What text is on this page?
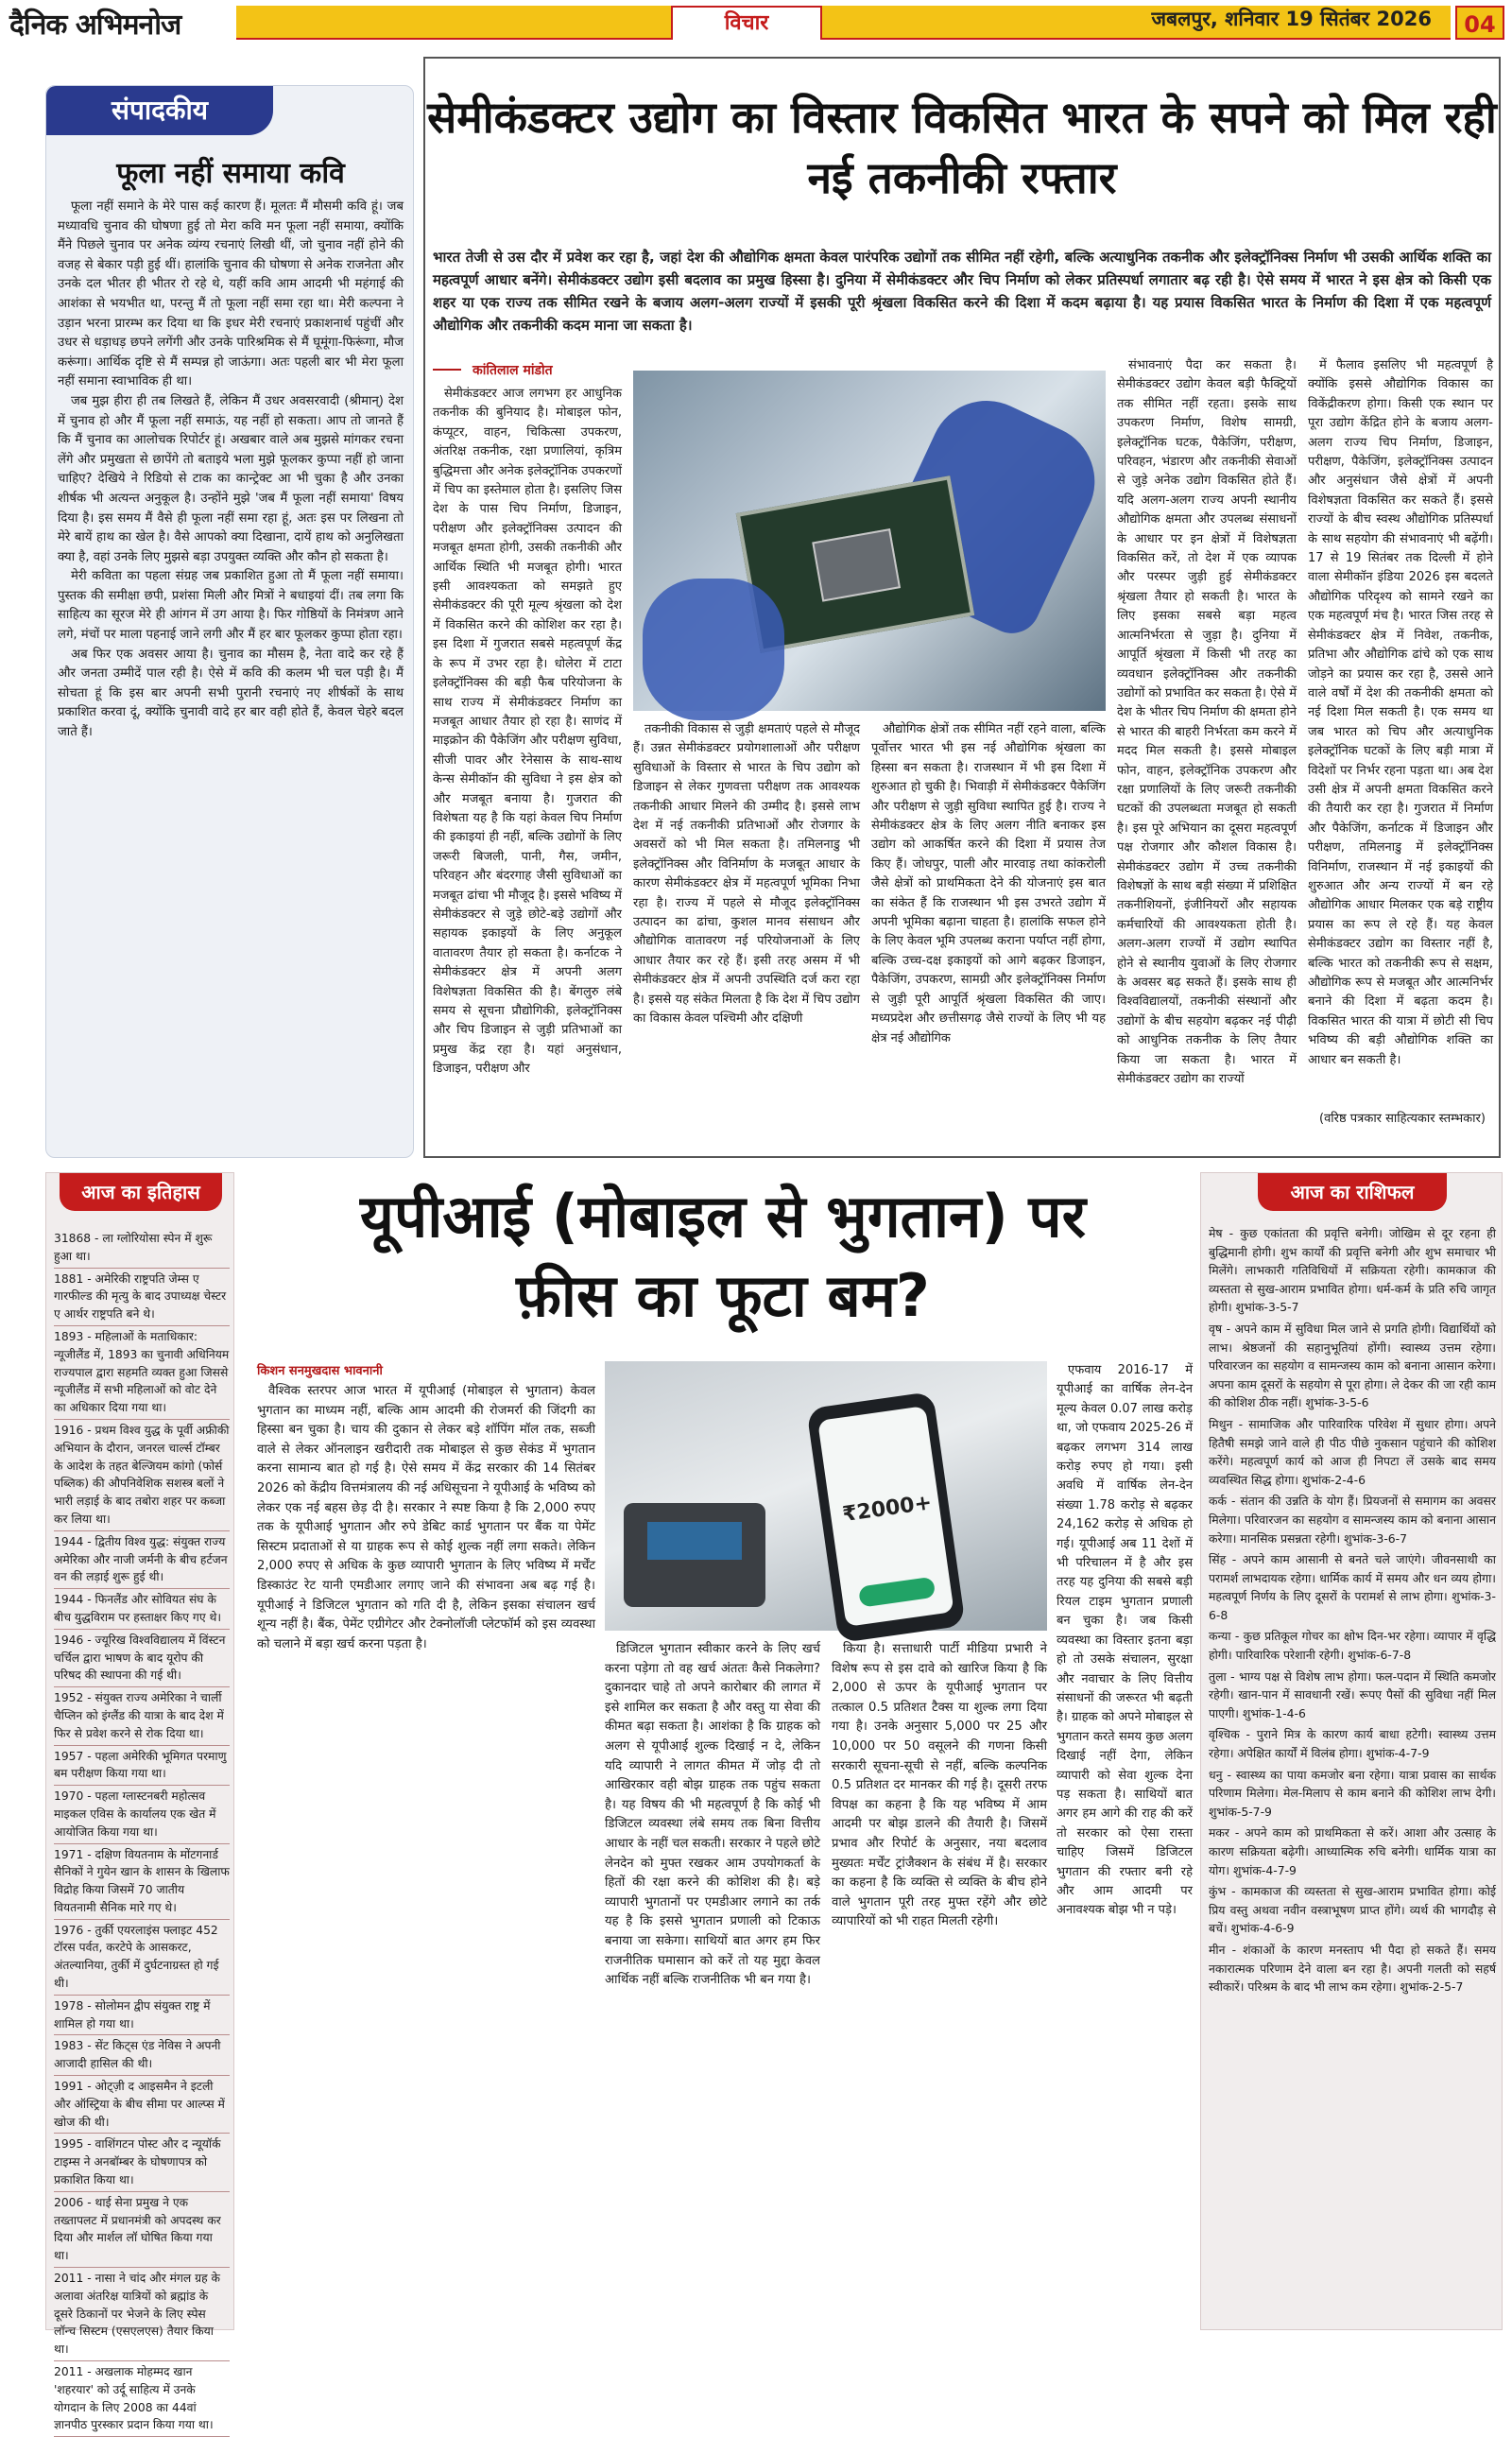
दैनिक अभिमनोज	विचार	जबलपुर, शनिवार 19 सितंबर 2026	04
संपादकीय
फूला नहीं समाया कवि

फूला नहीं समाने के मेरे पास कई कारण हैं। मूलतः मैं मौसमी कवि हूं। जब मध्यावधि चुनाव की घोषणा हुई तो मेरा कवि मन फूला नहीं समाया, क्योंकि मैंने पिछले चुनाव पर अनेक व्यंग्य रचनाएं लिखी थीं, जो चुनाव नहीं होने की वजह से बेकार पड़ी हुई थीं। हालांकि चुनाव की घोषणा से अनेक राजनेता और उनके दल भीतर ही भीतर रो रहे थे, यहीं कवि आम आदमी भी महंगाई की आशंका से भयभीत था, परन्तु मैं तो फूला नहीं समा रहा था। मेरी कल्पना ने उड़ान भरना प्रारम्भ कर दिया था कि इधर मेरी रचनाएं प्रकाशनार्थ पहुंचीं और उधर से धड़ाधड़ छपने लगेंगी और उनके पारिश्रमिक से मैं घूमूंगा-फिरूंगा, मौज करूंगा। आर्थिक दृष्टि से मैं सम्पन्न हो जाऊंगा। अतः पहली बार भी मेरा फूला नहीं समाना स्वाभाविक ही था।

जब मुझ हीरा ही तब लिखते हैं, लेकिन मैं उधर अवसरवादी (श्रीमान्) देश में चुनाव हो और मैं फूला नहीं समाऊं, यह नहीं हो सकता। आप तो जानते हैं कि मैं चुनाव का आलोचक रिपोर्टर हूं। अखबार वाले अब मुझसे मांगकर रचना लेंगे और प्रमुखता से छापेंगे तो बताइये भला मुझे फूलकर कुप्पा नहीं हो जाना चाहिए? देखिये ने रिडियो से टाक का कान्ट्रेक्ट आ भी चुका है और उनका शीर्षक भी अत्यन्त अनुकूल है। उन्होंने मुझे 'जब मैं फूला नहीं समाया' विषय दिया है। इस समय मैं वैसे ही फूला नहीं समा रहा हूं, अतः इस पर लिखना तो मेरे बायें हाथ का खेल है। वैसे आपको क्या दिखाना, दायें हाथ को अनुलिखता क्या है, वहां उनके लिए मुझसे बड़ा उपयुक्त व्यक्ति और कौन हो सकता है।

मेरी कविता का पहला संग्रह जब प्रकाशित हुआ तो मैं फूला नहीं समाया। पुस्तक की समीक्षा छपी, प्रशंसा मिली और मित्रों ने बधाइयां दीं। तब लगा कि साहित्य का सूरज मेरे ही आंगन में उग आया है। फिर गोष्ठियों के निमंत्रण आने लगे, मंचों पर माला पहनाई जाने लगी और मैं हर बार फूलकर कुप्पा होता रहा।

अब फिर एक अवसर आया है। चुनाव का मौसम है, नेता वादे कर रहे हैं और जनता उम्मीदें पाल रही है। ऐसे में कवि की कलम भी चल पड़ी है। मैं सोचता हूं कि इस बार अपनी सभी पुरानी रचनाएं नए शीर्षकों के साथ प्रकाशित करवा दूं, क्योंकि चुनावी वादे हर बार वही होते हैं, केवल चेहरे बदल जाते हैं।

सेमीकंडक्टर उद्योग का विस्तार विकसित भारत के सपने को मिल रही नई तकनीकी रफ्तार
भारत तेजी से उस दौर में प्रवेश कर रहा है, जहां देश की औद्योगिक क्षमता केवल पारंपरिक उद्योगों तक सीमित नहीं रहेगी, बल्कि अत्याधुनिक तकनीक और इलेक्ट्रॉनिक्स निर्माण भी उसकी आर्थिक शक्ति का महत्वपूर्ण आधार बनेंगे। सेमीकंडक्टर उद्योग इसी बदलाव का प्रमुख हिस्सा है। दुनिया में सेमीकंडक्टर और चिप निर्माण को लेकर प्रतिस्पर्धा लगातार बढ़ रही है। ऐसे समय में भारत ने इस क्षेत्र को किसी एक शहर या एक राज्य तक सीमित रखने के बजाय अलग-अलग राज्यों में इसकी पूरी श्रृंखला विकसित करने की दिशा में कदम बढ़ाया है। यह प्रयास विकसित भारत के निर्माण की दिशा में एक महत्वपूर्ण औद्योगिक और तकनीकी कदम माना जा सकता है।
कांतिलाल मांडोत

सेमीकंडक्टर आज लगभग हर आधुनिक तकनीक की बुनियाद है। मोबाइल फोन, कंप्यूटर, वाहन, चिकित्सा उपकरण, अंतरिक्ष तकनीक, रक्षा प्रणालियां, कृत्रिम बुद्धिमत्ता और अनेक इलेक्ट्रॉनिक उपकरणों में चिप का इस्तेमाल होता है। इसलिए जिस देश के पास चिप निर्माण, डिजाइन, परीक्षण और इलेक्ट्रॉनिक्स उत्पादन की मजबूत क्षमता होगी, उसकी तकनीकी और आर्थिक स्थिति भी मजबूत होगी। भारत इसी आवश्यकता को समझते हुए सेमीकंडक्टर की पूरी मूल्य श्रृंखला को देश में विकसित करने की कोशिश कर रहा है। इस दिशा में गुजरात सबसे महत्वपूर्ण केंद्र के रूप में उभर रहा है। धोलेरा में टाटा इलेक्ट्रॉनिक्स की बड़ी फैब परियोजना के साथ राज्य में सेमीकंडक्टर निर्माण का मजबूत आधार तैयार हो रहा है। साणंद में माइक्रोन की पैकेजिंग और परीक्षण सुविधा, सीजी पावर और रेनेसास के साथ-साथ केन्स सेमीकॉन की सुविधा ने इस क्षेत्र को और मजबूत बनाया है। गुजरात की विशेषता यह है कि यहां केवल चिप निर्माण की इकाइयां ही नहीं, बल्कि उद्योगों के लिए जरूरी बिजली, पानी, गैस, जमीन, परिवहन और बंदरगाह जैसी सुविधाओं का मजबूत ढांचा भी मौजूद है। इससे भविष्य में सेमीकंडक्टर से जुड़े छोटे-बड़े उद्योगों और सहायक इकाइयों के लिए अनुकूल वातावरण तैयार हो सकता है। कर्नाटक ने सेमीकंडक्टर क्षेत्र में अपनी अलग विशेषज्ञता विकसित की है। बेंगलुरु लंबे समय से सूचना प्रौद्योगिकी, इलेक्ट्रॉनिक्स और चिप डिजाइन से जुड़ी प्रतिभाओं का प्रमुख केंद्र रहा है। यहां अनुसंधान, डिजाइन, परीक्षण और

तकनीकी विकास से जुड़ी क्षमताएं पहले से मौजूद हैं। उन्नत सेमीकंडक्टर प्रयोगशालाओं और परीक्षण सुविधाओं के विस्तार से भारत के चिप उद्योग को डिजाइन से लेकर गुणवत्ता परीक्षण तक आवश्यक तकनीकी आधार मिलने की उम्मीद है। इससे लाभ देश में नई तकनीकी प्रतिभाओं और रोजगार के अवसरों को भी मिल सकता है। तमिलनाडु भी इलेक्ट्रॉनिक्स और विनिर्माण के मजबूत आधार के कारण सेमीकंडक्टर क्षेत्र में महत्वपूर्ण भूमिका निभा रहा है। राज्य में पहले से मौजूद इलेक्ट्रॉनिक्स उत्पादन का ढांचा, कुशल मानव संसाधन और औद्योगिक वातावरण नई परियोजनाओं के लिए आधार तैयार कर रहे हैं। इसी तरह असम में भी सेमीकंडक्टर क्षेत्र में अपनी उपस्थिति दर्ज करा रहा है। इससे यह संकेत मिलता है कि देश में चिप उद्योग का विकास केवल पश्चिमी और दक्षिणी

औद्योगिक क्षेत्रों तक सीमित नहीं रहने वाला, बल्कि पूर्वोत्तर भारत भी इस नई औद्योगिक श्रृंखला का हिस्सा बन सकता है। राजस्थान में भी इस दिशा में शुरुआत हो चुकी है। भिवाड़ी में सेमीकंडक्टर पैकेजिंग और परीक्षण से जुड़ी सुविधा स्थापित हुई है। राज्य ने सेमीकंडक्टर क्षेत्र के लिए अलग नीति बनाकर इस उद्योग को आकर्षित करने की दिशा में प्रयास तेज किए हैं। जोधपुर, पाली और मारवाड़ तथा कांकरोली जैसे क्षेत्रों को प्राथमिकता देने की योजनाएं इस बात का संकेत हैं कि राजस्थान भी इस उभरते उद्योग में अपनी भूमिका बढ़ाना चाहता है। हालांकि सफल होने के लिए केवल भूमि उपलब्ध कराना पर्याप्त नहीं होगा, बल्कि उच्च-दक्ष इकाइयों को आगे बढ़कर डिजाइन, पैकेजिंग, उपकरण, सामग्री और इलेक्ट्रॉनिक्स निर्माण से जुड़ी पूरी आपूर्ति श्रृंखला विकसित की जाए। मध्यप्रदेश और छत्तीसगढ़ जैसे राज्यों के लिए भी यह क्षेत्र नई औद्योगिक

संभावनाएं पैदा कर सकता है। सेमीकंडक्टर उद्योग केवल बड़ी फैक्ट्रियों तक सीमित नहीं रहता। इसके साथ उपकरण निर्माण, विशेष सामग्री, इलेक्ट्रॉनिक घटक, पैकेजिंग, परीक्षण, परिवहन, भंडारण और तकनीकी सेवाओं से जुड़े अनेक उद्योग विकसित होते हैं। यदि अलग-अलग राज्य अपनी स्थानीय औद्योगिक क्षमता और उपलब्ध संसाधनों के आधार पर इन क्षेत्रों में विशेषज्ञता विकसित करें, तो देश में एक व्यापक और परस्पर जुड़ी हुई सेमीकंडक्टर श्रृंखला तैयार हो सकती है। भारत के लिए इसका सबसे बड़ा महत्व आत्मनिर्भरता से जुड़ा है। दुनिया में आपूर्ति श्रृंखला में किसी भी तरह का व्यवधान इलेक्ट्रॉनिक्स और तकनीकी उद्योगों को प्रभावित कर सकता है। ऐसे में देश के भीतर चिप निर्माण की क्षमता होने से भारत की बाहरी निर्भरता कम करने में मदद मिल सकती है। इससे मोबाइल फोन, वाहन, इलेक्ट्रॉनिक उपकरण और रक्षा प्रणालियों के लिए जरूरी तकनीकी घटकों की उपलब्धता मजबूत हो सकती है। इस पूरे अभियान का दूसरा महत्वपूर्ण पक्ष रोजगार और कौशल विकास है। सेमीकंडक्टर उद्योग में उच्च तकनीकी विशेषज्ञों के साथ बड़ी संख्या में प्रशिक्षित तकनीशियनों, इंजीनियरों और सहायक कर्मचारियों की आवश्यकता होती है। अलग-अलग राज्यों में उद्योग स्थापित होने से स्थानीय युवाओं के लिए रोजगार के अवसर बढ़ सकते हैं। इसके साथ ही विश्वविद्यालयों, तकनीकी संस्थानों और उद्योगों के बीच सहयोग बढ़कर नई पीढ़ी को आधुनिक तकनीक के लिए तैयार किया जा सकता है। भारत में सेमीकंडक्टर उद्योग का राज्यों

में फैलाव इसलिए भी महत्वपूर्ण है क्योंकि इससे औद्योगिक विकास का विकेंद्रीकरण होगा। किसी एक स्थान पर पूरा उद्योग केंद्रित होने के बजाय अलग-अलग राज्य चिप निर्माण, डिजाइन, परीक्षण, पैकेजिंग, इलेक्ट्रॉनिक्स उत्पादन और अनुसंधान जैसे क्षेत्रों में अपनी विशेषज्ञता विकसित कर सकते हैं। इससे राज्यों के बीच स्वस्थ औद्योगिक प्रतिस्पर्धा के साथ सहयोग की संभावनाएं भी बढ़ेंगी। 17 से 19 सितंबर तक दिल्ली में होने वाला सेमीकॉन इंडिया 2026 इस बदलते औद्योगिक परिदृश्य को सामने रखने का एक महत्वपूर्ण मंच है। भारत जिस तरह से सेमीकंडक्टर क्षेत्र में निवेश, तकनीक, प्रतिभा और औद्योगिक ढांचे को एक साथ जोड़ने का प्रयास कर रहा है, उससे आने वाले वर्षों में देश की तकनीकी क्षमता को नई दिशा मिल सकती है। एक समय था जब भारत को चिप और अत्याधुनिक इलेक्ट्रॉनिक घटकों के लिए बड़ी मात्रा में विदेशों पर निर्भर रहना पड़ता था। अब देश उसी क्षेत्र में अपनी क्षमता विकसित करने की तैयारी कर रहा है। गुजरात में निर्माण और पैकेजिंग, कर्नाटक में डिजाइन और परीक्षण, तमिलनाडु में इलेक्ट्रॉनिक्स विनिर्माण, राजस्थान में नई इकाइयों की शुरुआत और अन्य राज्यों में बन रहे औद्योगिक आधार मिलकर एक बड़े राष्ट्रीय प्रयास का रूप ले रहे हैं। यह केवल सेमीकंडक्टर उद्योग का विस्तार नहीं है, बल्कि भारत को तकनीकी रूप से सक्षम, औद्योगिक रूप से मजबूत और आत्मनिर्भर बनाने की दिशा में बढ़ता कदम है। विकसित भारत की यात्रा में छोटी सी चिप भविष्य की बड़ी औद्योगिक शक्ति का आधार बन सकती है।

(वरिष्ठ पत्रकार साहित्यकार स्तम्भकार)

आज का इतिहास
31868 - ला ग्लोरियोसा स्पेन में शुरू हुआ था।
1881 - अमेरिकी राष्ट्रपति जेम्स ए गारफील्ड की मृत्यु के बाद उपाध्यक्ष चेस्टर ए आर्थर राष्ट्रपति बने थे।
1893 - महिलाओं के मताधिकार: न्यूजीलैंड में, 1893 का चुनावी अधिनियम राज्यपाल द्वारा सहमति व्यक्त हुआ जिससे न्यूजीलैंड में सभी महिलाओं को वोट देने का अधिकार दिया गया था।
1916 - प्रथम विश्व युद्ध के पूर्वी अफ्रीकी अभियान के दौरान, जनरल चार्ल्स टॉम्बर के आदेश के तहत बेल्जियम कांगो (फोर्स पब्लिक) की औपनिवेशिक सशस्त्र बलों ने भारी लड़ाई के बाद तबोरा शहर पर कब्जा कर लिया था।
1944 - द्वितीय विश्व युद्ध: संयुक्त राज्य अमेरिका और नाजी जर्मनी के बीच हर्टजन वन की लड़ाई शुरू हुई थी।
1944 - फिनलैंड और सोवियत संघ के बीच युद्धविराम पर हस्ताक्षर किए गए थे।
1946 - ज्यूरिख विश्वविद्यालय में विंस्टन चर्चिल द्वारा भाषण के बाद यूरोप की परिषद की स्थापना की गई थी।
1952 - संयुक्त राज्य अमेरिका ने चार्ली चैप्लिन को इंग्लैंड की यात्रा के बाद देश में फिर से प्रवेश करने से रोक दिया था।
1957 - पहला अमेरिकी भूमिगत परमाणु बम परीक्षण किया गया था।
1970 - पहला ग्लास्टनबरी महोत्सव माइकल एविस के कार्यालय एक खेत में आयोजित किया गया था।
1971 - दक्षिण वियतनाम के मोंटगनार्ड सैनिकों ने गुयेन खान के शासन के खिलाफ विद्रोह किया जिसमें 70 जातीय वियतनामी सैनिक मारे गए थे।
1976 - तुर्की एयरलाइंस फ्लाइट 452 टॉरस पर्वत, करटेपे के आसकरट, अंतल्यानिया, तुर्की में दुर्घटनाग्रस्त हो गई थी।
1978 - सोलोमन द्वीप संयुक्त राष्ट्र में शामिल हो गया था।
1983 - सेंट किट्स एंड नेविस ने अपनी आजादी हासिल की थी।
1991 - ओट्ज़ी द आइसमैन ने इटली और ऑस्ट्रिया के बीच सीमा पर आल्प्स में खोज की थी।
1995 - वाशिंगटन पोस्ट और द न्यूयॉर्क टाइम्स ने अनबॉम्बर के घोषणापत्र को प्रकाशित किया था।
2006 - थाई सेना प्रमुख ने एक तख्तापलट में प्रधानमंत्री को अपदस्थ कर दिया और मार्शल लॉ घोषित किया गया था।
2011 - नासा ने चांद और मंगल ग्रह के अलावा अंतरिक्ष यात्रियों को ब्रह्मांड के दूसरे ठिकानों पर भेजने के लिए स्पेस लॉन्च सिस्टम (एसएलएस) तैयार किया था।
2011 - अखलाक मोहम्मद खान 'शहरयार' को उर्दू साहित्य में उनके योगदान के लिए 2008 का 44वां ज्ञानपीठ पुरस्कार प्रदान किया गया था।
यूपीआई (मोबाइल से भुगतान) पर
फ़ीस का फूटा बम?
किशन सनमुखदास भावनानी

वैश्विक स्तरपर आज भारत में यूपीआई (मोबाइल से भुगतान) केवल भुगतान का माध्यम नहीं, बल्कि आम आदमी की रोजमर्रा की जिंदगी का हिस्सा बन चुका है। चाय की दुकान से लेकर बड़े शॉपिंग मॉल तक, सब्जी वाले से लेकर ऑनलाइन खरीदारी तक मोबाइल से कुछ सेकंड में भुगतान करना सामान्य बात हो गई है। ऐसे समय में केंद्र सरकार की 14 सितंबर 2026 को केंद्रीय वित्तमंत्रालय की नई अधिसूचना ने यूपीआई के भविष्य को लेकर एक नई बहस छेड़ दी है। सरकार ने स्पष्ट किया है कि 2,000 रुपए तक के यूपीआई भुगतान और रुपे डेबिट कार्ड भुगतान पर बैंक या पेमेंट सिस्टम प्रदाताओं से या ग्राहक रूप से कोई शुल्क नहीं लगा सकते। लेकिन 2,000 रुपए से अधिक के कुछ व्यापारी भुगतान के लिए भविष्य में मर्चेंट डिस्काउंट रेट यानी एमडीआर लगाए जाने की संभावना अब बढ़ गई है। यूपीआई ने डिजिटल भुगतान को गति दी है, लेकिन इसका संचालन खर्च शून्य नहीं है। बैंक, पेमेंट एग्रीगेटर और टेक्नोलॉजी प्लेटफॉर्म को इस व्यवस्था को चलाने में बड़ा खर्च करना पड़ता है।

₹2000+

डिजिटल भुगतान स्वीकार करने के लिए खर्च करना पड़ेगा तो वह खर्च अंततः कैसे निकलेगा? दुकानदार चाहे तो अपने कारोबार की लागत में इसे शामिल कर सकता है और वस्तु या सेवा की कीमत बढ़ा सकता है। आशंका है कि ग्राहक को अलग से यूपीआई शुल्क दिखाई न दे, लेकिन यदि व्यापारी ने लागत कीमत में जोड़ दी तो आखिरकार वही बोझ ग्राहक तक पहुंच सकता है। यह विषय की भी महत्वपूर्ण है कि कोई भी डिजिटल व्यवस्था लंबे समय तक बिना वित्तीय आधार के नहीं चल सकती। सरकार ने पहले छोटे लेनदेन को मुफ्त रखकर आम उपयोगकर्ता के हितों की रक्षा करने की कोशिश की है। बड़े व्यापारी भुगतानों पर एमडीआर लगाने का तर्क यह है कि इससे भुगतान प्रणाली को टिकाऊ बनाया जा सकेगा। साथियों बात अगर हम फिर राजनीतिक घमासान को करें तो यह मुद्दा केवल आर्थिक नहीं बल्कि राजनीतिक भी बन गया है।

किया है। सत्ताधारी पार्टी मीडिया प्रभारी ने विशेष रूप से इस दावे को खारिज किया है कि 2,000 से ऊपर के यूपीआई भुगतान पर तत्काल 0.5 प्रतिशत टैक्स या शुल्क लगा दिया गया है। उनके अनुसार 5,000 पर 25 और 10,000 पर 50 वसूलने की गणना किसी सरकारी सूचना-सूची से नहीं, बल्कि कल्पनिक 0.5 प्रतिशत दर मानकर की गई है। दूसरी तरफ विपक्ष का कहना है कि यह भविष्य में आम आदमी पर बोझ डालने की तैयारी है। जिसमें प्रभाव और रिपोर्ट के अनुसार, नया बदलाव मुख्यतः मर्चेंट ट्रांजैक्शन के संबंध में है। सरकार का कहना है कि व्यक्ति से व्यक्ति के बीच होने वाले भुगतान पूरी तरह मुफ्त रहेंगे और छोटे व्यापारियों को भी राहत मिलती रहेगी।

एफवाय 2016-17 में यूपीआई का वार्षिक लेन-देन मूल्य केवल 0.07 लाख करोड़ था, जो एफवाय 2025-26 में बढ़कर लगभग 314 लाख करोड़ रुपए हो गया। इसी अवधि में वार्षिक लेन-देन संख्या 1.78 करोड़ से बढ़कर 24,162 करोड़ से अधिक हो गई। यूपीआई अब 11 देशों में भी परिचालन में है और इस तरह यह दुनिया की सबसे बड़ी रियल टाइम भुगतान प्रणाली बन चुका है। जब किसी व्यवस्था का विस्तार इतना बड़ा हो तो उसके संचालन, सुरक्षा और नवाचार के लिए वित्तीय संसाधनों की जरूरत भी बढ़ती है। ग्राहक को अपने मोबाइल से भुगतान करते समय कुछ अलग दिखाई नहीं देगा, लेकिन व्यापारी को सेवा शुल्क देना पड़ सकता है। साथियों बात अगर हम आगे की राह की करें तो सरकार को ऐसा रास्ता चाहिए जिसमें डिजिटल भुगतान की रफ्तार बनी रहे और आम आदमी पर अनावश्यक बोझ भी न पड़े।

आज का राशिफल
मेष - कुछ एकांतता की प्रवृत्ति बनेगी। जोखिम से दूर रहना ही बुद्धिमानी होगी। शुभ कार्यों की प्रवृत्ति बनेगी और शुभ समाचार भी मिलेंगे। लाभकारी गतिविधियों में सक्रियता रहेगी। कामकाज की व्यस्तता से सुख-आराम प्रभावित होगा। धर्म-कर्म के प्रति रुचि जागृत होगी। शुभांक-3-5-7
वृष - अपने काम में सुविधा मिल जाने से प्रगति होगी। विद्यार्थियों को लाभ। श्रेष्ठजनों की सहानुभूतियां होंगी। स्वास्थ्य उत्तम रहेगा। परिवारजन का सहयोग व सामन्जस्य काम को बनाना आसान करेगा। अपना काम दूसरों के सहयोग से पूरा होगा। ले देकर की जा रही काम की कोशिश ठीक नहीं। शुभांक-3-5-6
मिथुन - सामाजिक और पारिवारिक परिवेश में सुधार होगा। अपने हितैषी समझे जाने वाले ही पीठ पीछे नुकसान पहुंचाने की कोशिश करेंगे। महत्वपूर्ण कार्य को आज ही निपटा लें उसके बाद समय व्यवस्थित सिद्ध होगा। शुभांक-2-4-6
कर्क - संतान की उन्नति के योग हैं। प्रियजनों से समागम का अवसर मिलेगा। परिवारजन का सहयोग व सामन्जस्य काम को बनाना आसान करेगा। मानसिक प्रसन्नता रहेगी। शुभांक-3-6-7
सिंह - अपने काम आसानी से बनते चले जाएंगे। जीवनसाथी का परामर्श लाभदायक रहेगा। धार्मिक कार्य में समय और धन व्यय होगा। महत्वपूर्ण निर्णय के लिए दूसरों के परामर्श से लाभ होगा। शुभांक-3-6-8
कन्या - कुछ प्रतिकूल गोचर का क्षोभ दिन-भर रहेगा। व्यापार में वृद्धि होगी। पारिवारिक परेशानी रहेगी। शुभांक-6-7-8
तुला - भाग्य पक्ष से विशेष लाभ होगा। फल-पदान में स्थिति कमजोर रहेगी। खान-पान में सावधानी रखें। रूपए पैसों की सुविधा नहीं मिल पाएगी। शुभांक-1-4-6
वृश्चिक - पुराने मित्र के कारण कार्य बाधा हटेगी। स्वास्थ्य उत्तम रहेगा। अपेक्षित कार्यों में विलंब होगा। शुभांक-4-7-9
धनु - स्वास्थ्य का पाया कमजोर बना रहेगा। यात्रा प्रवास का सार्थक परिणाम मिलेगा। मेल-मिलाप से काम बनाने की कोशिश लाभ देगी। शुभांक-5-7-9
मकर - अपने काम को प्राथमिकता से करें। आशा और उत्साह के कारण सक्रियता बढ़ेगी। आध्यात्मिक रुचि बनेगी। धार्मिक यात्रा का योग। शुभांक-4-7-9
कुंभ - कामकाज की व्यस्तता से सुख-आराम प्रभावित होगा। कोई प्रिय वस्तु अथवा नवीन वस्त्राभूषण प्राप्त होंगे। व्यर्थ की भागदौड़ से बचें। शुभांक-4-6-9
मीन - शंकाओं के कारण मनस्ताप भी पैदा हो सकते हैं। समय नकारात्मक परिणाम देने वाला बन रहा है। अपनी गलती को सहर्ष स्वीकारें। परिश्रम के बाद भी लाभ कम रहेगा। शुभांक-2-5-7
